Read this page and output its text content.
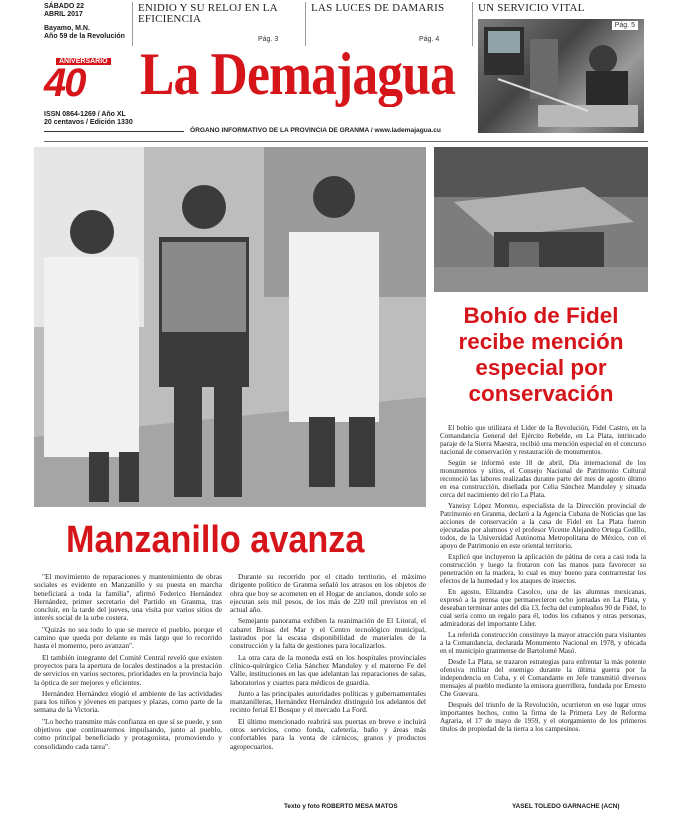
SÁBADO 22
ABRIL 2017
Bayamo, M.N.
Año 59 de la Revolución
ENIDIO Y SU RELOJ EN LA EFICIENCIA
Pág. 3
LAS LUCES DE DAMARIS
Pág. 4
UN SERVICIO VITAL
Pág. 5
ANIVERSARIO
40 La Demajagua
ISSN 0864-1269 / Año XL
20 centavos / Edición 1330
ÓRGANO INFORMATIVO DE LA PROVINCIA DE GRANMA / www.lademajagua.cu
Bohío de Fidel
recibe mención
especial por
conservación
Manzanillo avanza

"El movimiento de reparaciones y mantenimiento de obras sociales es evidente en Manzanillo y su puesta en marcha beneficiará a toda la familia", afirmó Federico Hernández Hernández, primer secretario del Partido en Granma, tras concluir, en la tarde del jueves, una visita por varios sitios de interés social de la urbe costera.

"Quizás no sea todo lo que se merece el pueblo, porque el camino que queda por delante es más largo que lo recorrido hasta el momento, pero avanzan".

El también integrante del Comité Central reveló que existen proyectos para la apertura de locales destinados a la prestación de servicios en varios sectores, prioridades en la provincia bajo la óptica de ser mejores y eficientes.

Hernández Hernández elogió el ambiente de las actividades para los niños y jóvenes en parques y plazas, como parte de la semana de la Victoria.

"Lo hecho transmite más confianza en que sí se puede, y son objetivos que continuaremos impulsando, junto al pueblo, como principal beneficiado y protagonista, promoviendo y consolidando cada tarea".

Durante su recorrido por el citado territorio, el máximo dirigente político de Granma señaló los atrasos en los objetos de obra que hoy se acometen en el Hogar de ancianos, donde solo se ejecutan seis mil pesos, de los más de 220 mil previstos en el actual año.

Semejante panorama exhiben la reanimación de El Litoral, el cabaret Brisas del Mar y el Centro tecnológico municipal, lastrados por la escasa disponibilidad de materiales de la construcción y la falta de gestiones para localizarlos.

La otra cara de la moneda está en los hospitales provinciales clínico-quirúrgico Celia Sánchez Manduley y el materno Fe del Valle, instituciones en las que adelantan las reparaciones de salas, laboratorios y cuartos para médicos de guardia.

Junto a las principales autoridades políticas y gubernamentales manzanilleras, Hernández Hernández distinguió los adelantos del recinto ferial El Bosque y el mercado La Ford.

El último mencionado reabrirá sus puertas en breve e incluirá otros servicios, como fonda, cafetería, baño y áreas más confortables para la venta de cárnicos, granos y productos agropecuarios.

Texto y foto ROBERTO MESA MATOS

El bohío que utilizara el Líder de la Revolución, Fidel Castro, en la Comandancia General del Ejército Rebelde, en La Plata, intrincado paraje de la Sierra Maestra, recibió una mención especial en el concurso nacional de conservación y restauración de monumentos.

Según se informó este 18 de abril, Día internacional de los monumentos y sitios, el Consejo Nacional de Patrimonio Cultural reconoció las labores realizadas durante parte del mes de agosto último en esa construcción, diseñada por Celia Sánchez Manduley y situada cerca del nacimiento del río La Plata.

Yaneisy López Moreno, especialista de la Dirección provincial de Patrimonio en Granma, declaró a la Agencia Cubana de Noticias que las acciones de conservación a la casa de Fidel en La Plata fueron ejecutadas por alumnos y el profesor Vicente Alejandro Ortega Cedillo, todos, de la Universidad Autónoma Metropolitana de México, con el apoyo de Patrimonio en este oriental territorio.

Explicó que incluyeron la aplicación de pátina de cera a casi toda la construcción y luego la frotaron con las manos para favorecer su penetración en la madera, lo cual es muy bueno para contrarrestar los efectos de la humedad y los ataques de insectos.

En agosto, Elizandra Casolco, una de las alumnas mexicanas, expresó a la prensa que permanecieron ocho jornadas en La Plata, y deseaban terminar antes del día 13, fecha del cumpleaños 90 de Fidel, lo cual sería como un regalo para él, todos los cubanos y otras personas, admiradoras del importante Líder.

La referida construcción constituye la mayor atracción para visitantes a la Comandancia, declarada Monumento Nacional en 1978, y ubicada en el municipio granmense de Bartolomé Masó.

Desde La Plata, se trazaron estrategias para enfrentar la más potente ofensiva militar del enemigo durante la última guerra por la independencia en Cuba, y el Comandante en Jefe transmitió diversos mensajes al pueblo mediante la emisora guerrillera, fundada por Ernesto Che Guevara.

Después del triunfo de la Revolución, ocurrieron en ese lugar otros importantes hechos, como la firma de la Primera Ley de Reforma Agraria, el 17 de mayo de 1959, y el otorgamiento de los primeros títulos de propiedad de la tierra a los campesinos.

YASEL TOLEDO GARNACHE (ACN)
